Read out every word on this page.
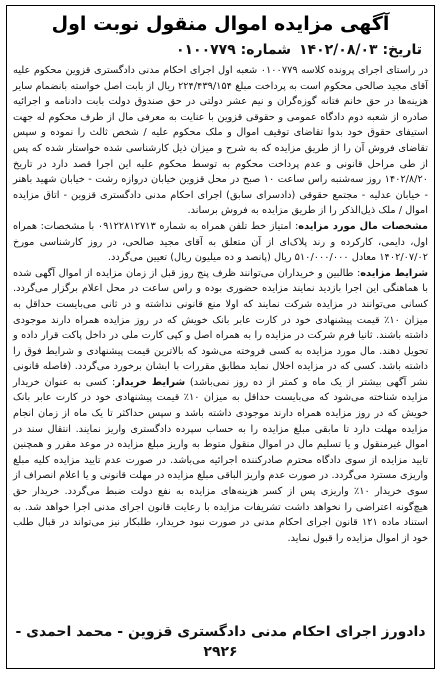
آگهی مزایده اموال منقول نوبت اول
تاریخ: ۱۴۰۲/۰۸/۰۳شماره: ۰۱۰۰۷۷۹

در راستای اجرای پرونده کلاسه ۰۱۰۰۷۷۹ شعبه اول اجرای احکام مدنی دادگستری قزوین محکوم علیه آقای مجید صالحی محکوم است به پرداخت مبلغ ۲۲۴/۴۳۹/۱۵۴ ریال از بابت اصل خواسته بانضمام سایر هزینه‌ها در حق خانم فتانه گوزه‌گران و نیم عشر دولتی در حق صندوق دولت بابت دادنامه و اجرائیه صادره از شعبه دوم دادگاه عمومی و حقوقی قزوین با عنایت به معرفی مال از طرف محکوم له جهت استیفای حقوق خود بدوا تقاضای توقیف اموال و ملک محکوم علیه / شخص ثالث را نموده و سپس تقاضای فروش آن را از طریق مزایده که به شرح و میزان ذیل کارشناسی شده خواستار شده که پس از طی مراحل قانونی و عدم پرداخت محکوم به توسط محکوم علیه این اجرا قصد دارد در تاریخ ۱۴۰۲/۸/۲۰ روز سه‌شنبه راس ساعت ۱۰ صبح در محل قزوین خیابان دروازه رشت - خیابان شهید باهنر - خیابان عدلیه - مجتمع حقوقی (دادسرای سابق) اجرای احکام مدنی دادگستری قزوین - اتاق مزایده اموال / ملک ذیل‌الذکر را از طریق مزایده به فروش برساند.

مشخصات مال مورد مزایده: امتیاز خط تلفن همراه به شماره ۰۹۱۲۲۸۱۲۷۱۳ با مشخصات: همراه اول، دایمی، کارکرده و رند پلاک‌ای از آن متعلق به آقای مجید صالحی، در روز کارشناسی مورخ ۱۴۰۲/۰۷/۰۲ معادل ۵۱۰/۰۰۰/۰۰۰ ریال (پانصد و ده میلیون ریال) تعیین می‌گردد.

شرایط مزایده: طالبین و خریداران می‌توانند ظرف پنج روز قبل از زمان مزایده از اموال آگهی شده با هماهنگی این اجرا بازدید نمایند مزایده حضوری بوده و راس ساعت در محل اعلام برگزار می‌گردد. کسانی می‌توانند در مزایده شرکت نمایند که اولا منع قانونی نداشته و در ثانی می‌بایست حداقل به میزان ۱۰٪ قیمت پیشنهادی خود در کارت عابر بانک خویش که در روز مزایده همراه دارند موجودی داشته باشند. ثانیا فرم شرکت در مزایده را به همراه اصل و کپی کارت ملی در داخل پاکت قرار داده و تحویل دهند. مال مورد مزایده به کسی فروخته می‌شود که بالاترین قیمت پیشنهادی و شرایط فوق را داشته باشد. کسی که در مزایده اخلال نماید مطابق مقررات با ایشان برخورد می‌گردد. (فاصله قانونی نشر آگهی بیشتر از یک ماه و کمتر از ده روز نمی‌باشد) شرایط خریدار: کسی به عنوان خریدار مزایده شناخته می‌شود که می‌بایست حداقل به میزان ۱۰٪ قیمت پیشنهادی خود در کارت عابر بانک خویش که در روز مزایده همراه دارند موجودی داشته باشد و سپس حداکثر تا یک ماه از زمان انجام مزایده مهلت دارد تا مابقی مبلغ مزایده را به حساب سپرده دادگستری واریز نمایند. انتقال سند در اموال غیرمنقول و یا تسلیم مال در اموال منقول متوط به واریز مبلغ مزایده در موعد مقرر و همچنین تایید مزایده از سوی دادگاه محترم صادرکننده اجرائیه می‌باشد. در صورت عدم تایید مزایده کلیه مبلغ واریزی مسترد می‌گردد. در صورت عدم واریز الباقی مبلغ مزایده در مهلت قانونی و یا اعلام انصراف از سوی خریدار ۱۰٪ واریزی پس از کسر هزینه‌های مزایده به نفع دولت ضبط می‌گردد. خریدار حق هیچ‌گونه اعتراضی را نخواهد داشت تشریفات مزایده با رعایت قانون اجرای مدنی اجرا خواهد شد. به استناد ماده ۱۲۱ قانون اجرای احکام مدنی در صورت نبود خریدار، طلبکار نیز می‌تواند در قبال طلب خود از اموال مزایده را قبول نماید.

دادورز اجرای احکام مدنی دادگستری قزوین - محمد احمدی - ۲۹۲۶
